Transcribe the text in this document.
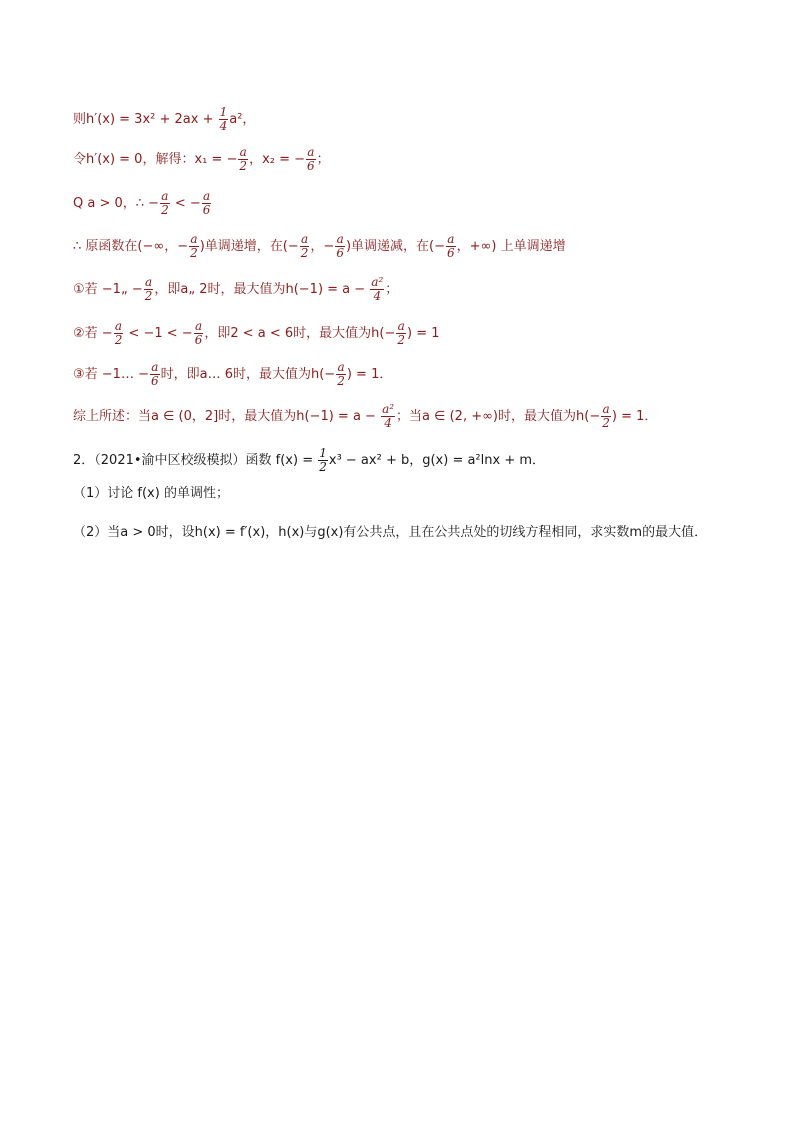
则$h'(x) = 3x^2 + 2ax + \frac{1}{4} a^2$，
令h′(x) = 0，解得：x₁ = − $\frac{a}{2}$ ，x₂ = − $\frac{a}{6}$ ；
Q a > 0，∴ − $\frac{a}{2}$ < − $\frac{a}{6}$
∴ 原函数在(−∞，− $\frac{a}{2}$ )单调递增，在(− $\frac{a}{2}$ ，− $\frac{a}{6}$ )单调递减，在(− $\frac{a}{6}$ ，+∞) 上单调递增
①若 −1„ − $\frac{a}{2}$ ，即a„ 2时，最大值为$h(-1) = a - \frac{\text{a²}}{4}$ ；
②若 − $\frac{a}{2} < -1$ < − $\frac{a}{6}$ ，即2 < a < 6时，最大值为$h(- \frac{a}{2}$ ) = 1
③若 −1… − $\frac{a}{6}$ 时，即a… 6时，最大值为$h(- \frac{a}{2}$ ) = 1．
综上所述：当a ∈ (0，2]时，最大值为$h(-1) = a - \frac{\text{a²}}{4}$ ；当a ∈ (2, +∞)时，最大值为$h(- \frac{a}{2}$ ) = 1．
2．（2021•渝中区校级模拟）函数 $f(x) = \frac{1}{2} x^3 - ax^2 + b$，g(x) = a²lnx + m．
（1）讨论 f(x) 的单调性；
（2）当a > 0时，设h(x) = f′(x)，h(x)与g(x)有公共点，且在公共点处的切线方程相同，求实数m的最大值．
